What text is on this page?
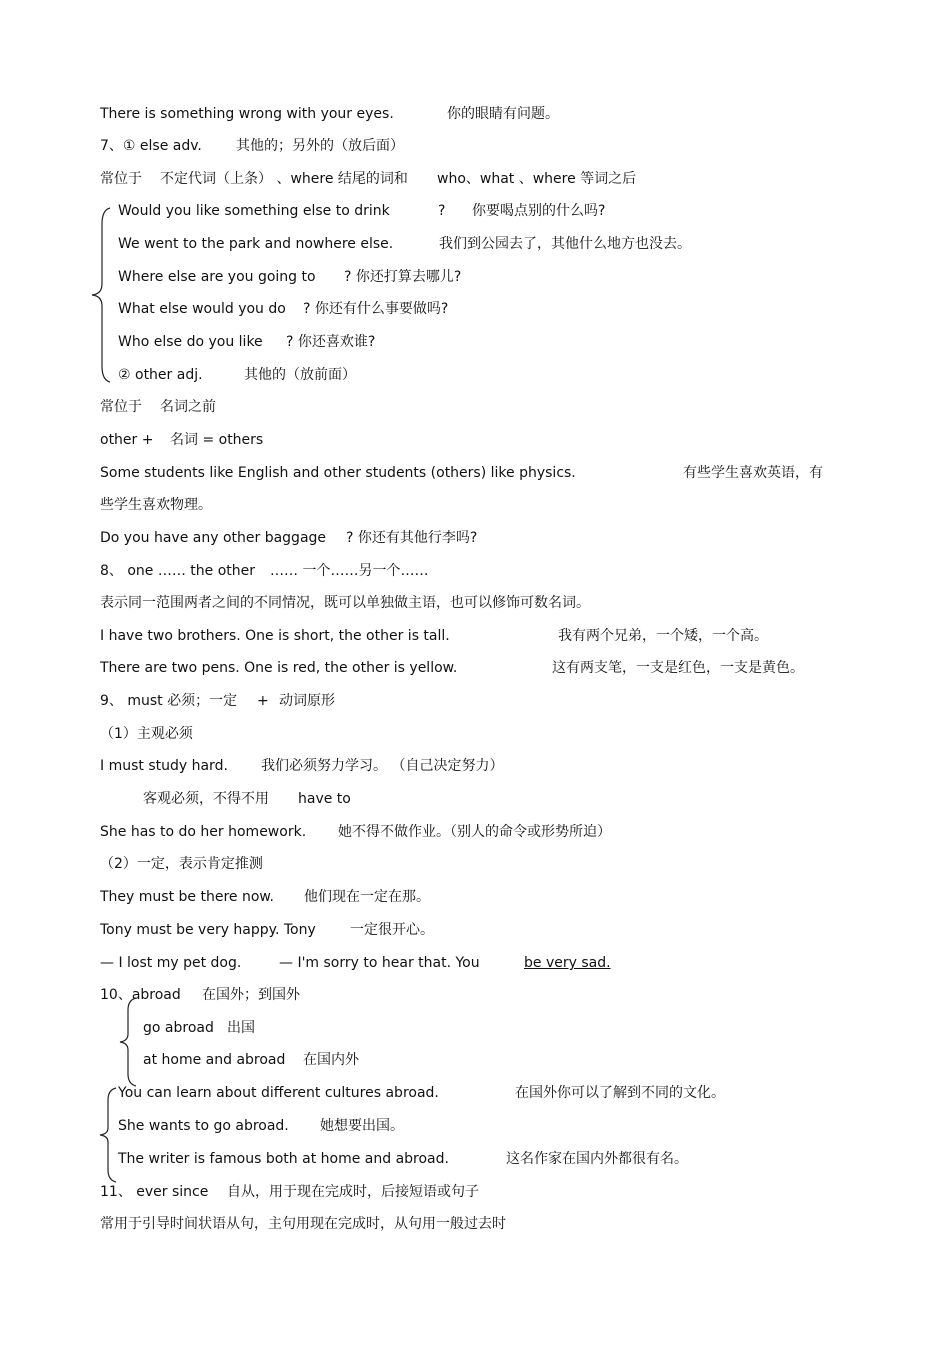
There is something wrong with your eyes.	你的眼睛有问题。
7、① else adv. 其他的；另外的（放后面）
常位于 不定代词（上条） 、where 结尾的词和 who、what 、where 等词之后
Would you like something else to drink	? 你要喝点别的什么吗?
We went to the park and nowhere else.	我们到公园去了，其他什么地方也没去。
Where else are you going to ? 你还打算去哪儿?
What else would you do ? 你还有什么事要做吗?
Who else do you like ? 你还喜欢谁?
② other adj.	其他的（放前面）
常位于 名词之前
other + 名词 = others
Some students like English and other students (others) like physics.	有些学生喜欢英语，有
些学生喜欢物理。
Do you have any other baggage ? 你还有其他行李吗?
8、 one …… the other …… 一个……另一个……
表示同一范围两者之间的不同情况，既可以单独做主语，也可以修饰可数名词。
I have two brothers. One is short, the other is tall.	我有两个兄弟，一个矮，一个高。
There are two pens. One is red, the other is yellow.	这有两支笔，一支是红色，一支是黄色。
9、 must 必须；一定 + 动词原形
（1）主观必须
I must study hard. 我们必须努力学习。 （自己决定努力）
客观必须，不得不用 have to
She has to do her homework. 她不得不做作业。（别人的命令或形势所迫）
（2）一定，表示肯定推测
They must be there now. 他们现在一定在那。
Tony must be very happy. Tony 一定很开心。
— I lost my pet dog.	— I'm sorry to hear that. You	be very sad.
10、abroad 在国外；到国外
go abroad 出国
at home and abroad 在国内外
You can learn about different cultures abroad.	在国外你可以了解到不同的文化。
She wants to go abroad. 她想要出国。
The writer is famous both at home and abroad.	这名作家在国内外都很有名。
11、 ever since 自从，用于现在完成时，后接短语或句子
常用于引导时间状语从句，主句用现在完成时，从句用一般过去时
